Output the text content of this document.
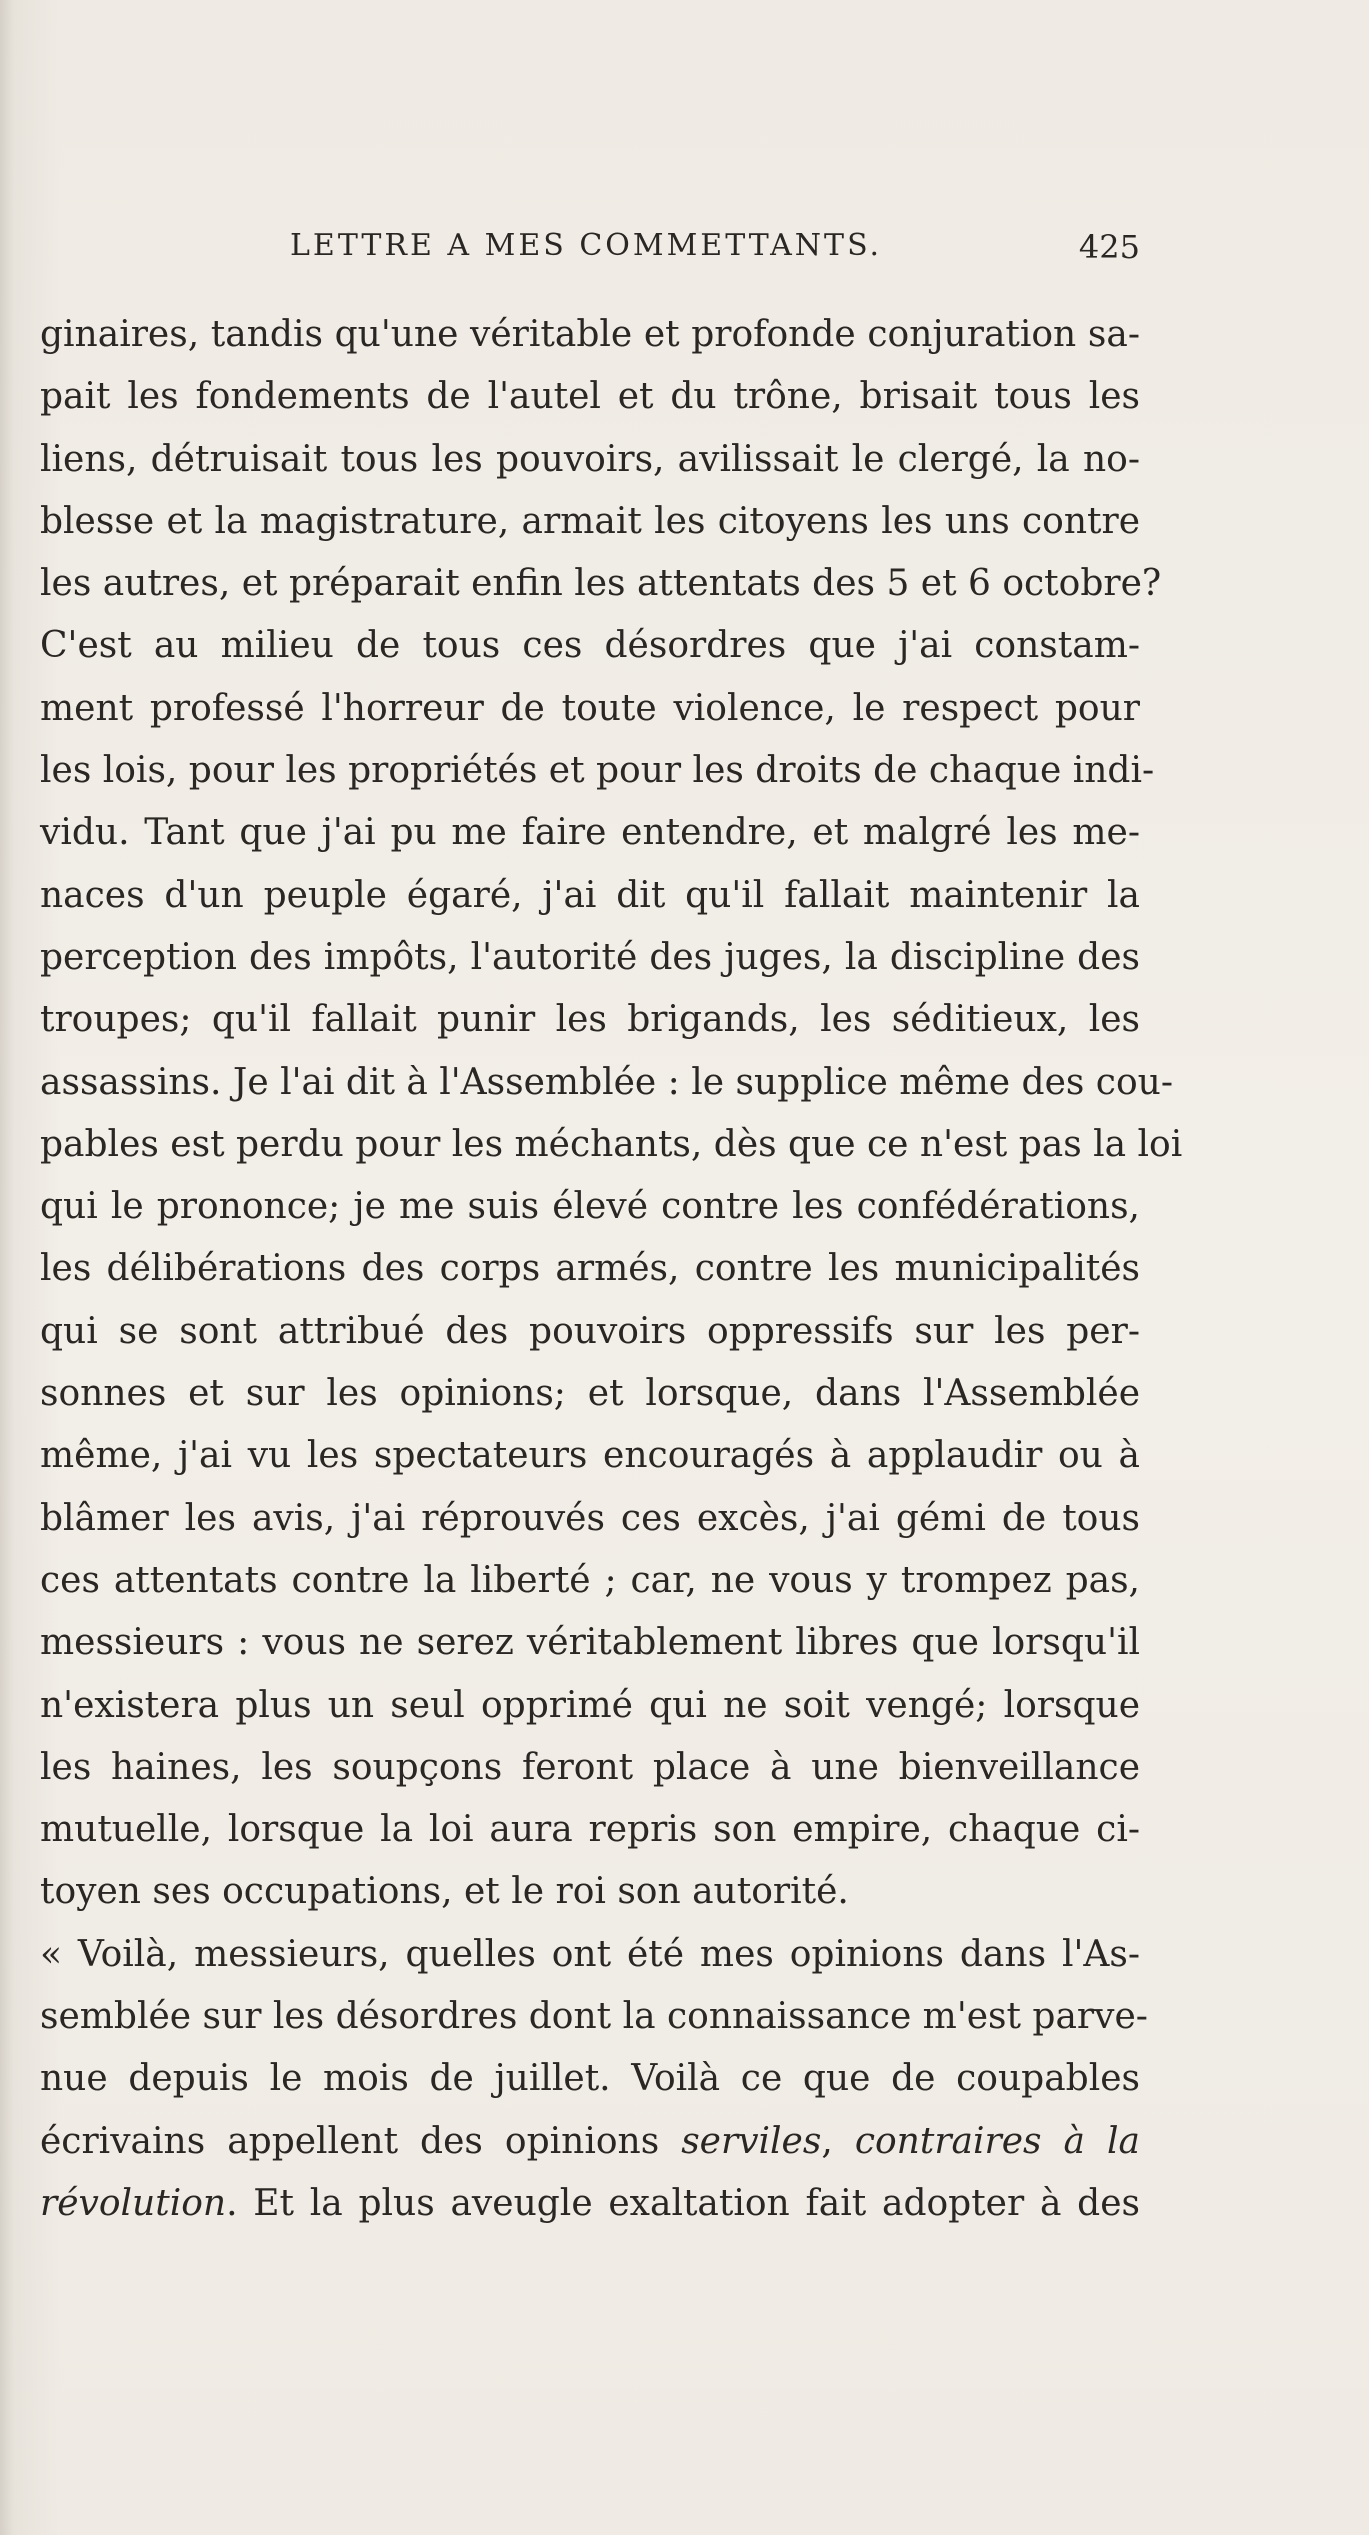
LETTRE A MES COMMETTANTS.	425
ginaires, tandis qu'une véritable et profonde conjuration sa-
pait les fondements de l'autel et du trône, brisait tous les
liens, détruisait tous les pouvoirs, avilissait le clergé, la no-
blesse et la magistrature, armait les citoyens les uns contre
les autres, et préparait enfin les attentats des 5 et 6 octobre?
C'est au milieu de tous ces désordres que j'ai constam-
ment professé l'horreur de toute violence, le respect pour
les lois, pour les propriétés et pour les droits de chaque indi-
vidu. Tant que j'ai pu me faire entendre, et malgré les me-
naces d'un peuple égaré, j'ai dit qu'il fallait maintenir la
perception des impôts, l'autorité des juges, la discipline des
troupes; qu'il fallait punir les brigands, les séditieux, les
assassins. Je l'ai dit à l'Assemblée : le supplice même des cou-
pables est perdu pour les méchants, dès que ce n'est pas la loi
qui le prononce; je me suis élevé contre les confédérations,
les délibérations des corps armés, contre les municipalités
qui se sont attribué des pouvoirs oppressifs sur les per-
sonnes et sur les opinions; et lorsque, dans l'Assemblée
même, j'ai vu les spectateurs encouragés à applaudir ou à
blâmer les avis, j'ai réprouvés ces excès, j'ai gémi de tous
ces attentats contre la liberté ; car, ne vous y trompez pas,
messieurs : vous ne serez véritablement libres que lorsqu'il
n'existera plus un seul opprimé qui ne soit vengé; lorsque
les haines, les soupçons feront place à une bienveillance
mutuelle, lorsque la loi aura repris son empire, chaque ci-
toyen ses occupations, et le roi son autorité.
« Voilà, messieurs, quelles ont été mes opinions dans l'As-
semblée sur les désordres dont la connaissance m'est parve-
nue depuis le mois de juillet. Voilà ce que de coupables
écrivains appellent des opinions serviles, contraires à la
révolution. Et la plus aveugle exaltation fait adopter à des
